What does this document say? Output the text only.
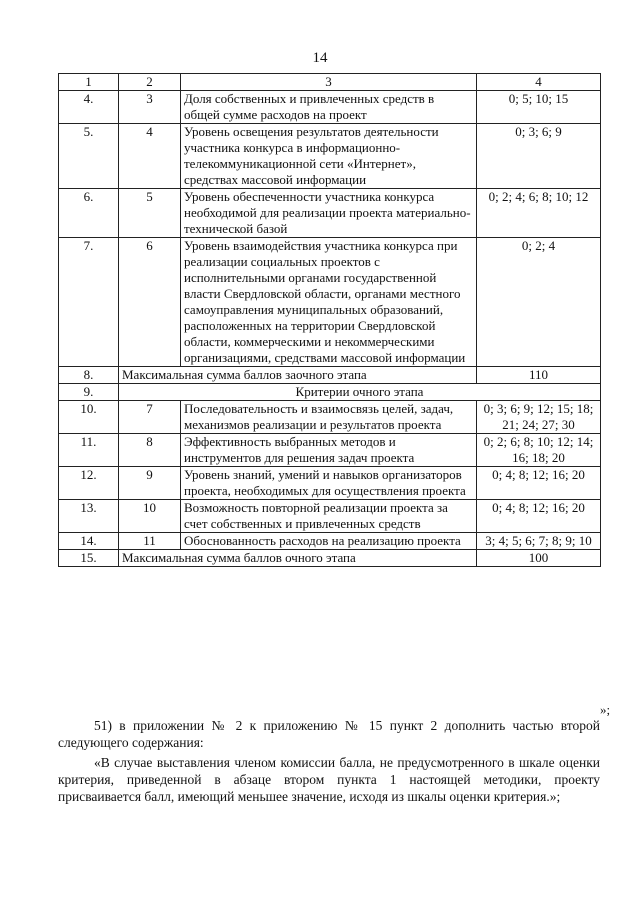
14
1	2	3	4
4.	3	Доля собственных и привлеченных средств в общей сумме расходов на проект	0; 5; 10; 15
5.	4	Уровень освещения результатов деятельности участника конкурса в информационно-телекоммуникационной сети «Интернет», средствах массовой информации	0; 3; 6; 9
6.	5	Уровень обеспеченности участника конкурса необходимой для реализации проекта материально-технической базой	0; 2; 4; 6; 8; 10; 12
7.	6	Уровень взаимодействия участника конкурса при реализации социальных проектов с исполнительными органами государственной власти Свердловской области, органами местного самоуправления муниципальных образований, расположенных на территории Свердловской области, коммерческими и некоммерческими организациями, средствами массовой информации	0; 2; 4
8.	Максимальная сумма баллов заочного этапа		110
9.	Критерии очного этапа		
10.	7	Последовательность и взаимосвязь целей, задач, механизмов реализации и результатов проекта	0; 3; 6; 9; 12; 15; 18; 21; 24; 27; 30
11.	8	Эффективность выбранных методов и инструментов для решения задач проекта	0; 2; 6; 8; 10; 12; 14; 16; 18; 20
12.	9	Уровень знаний, умений и навыков организаторов проекта, необходимых для осуществления проекта	0; 4; 8; 12; 16; 20
13.	10	Возможность повторной реализации проекта за счет собственных и привлеченных средств	0; 4; 8; 12; 16; 20
14.	11	Обоснованность расходов на реализацию проекта	3; 4; 5; 6; 7; 8; 9; 10
15.	Максимальная сумма баллов очного этапа		100
»;

51) в приложении № 2 к приложению № 15 пункт 2 дополнить частью второй следующего содержания:

«В случае выставления членом комиссии балла, не предусмотренного в шкале оценки критерия, приведенной в абзаце втором пункта 1 настоящей методики, проекту присваивается балл, имеющий меньшее значение, исходя из шкалы оценки критерия.»;
